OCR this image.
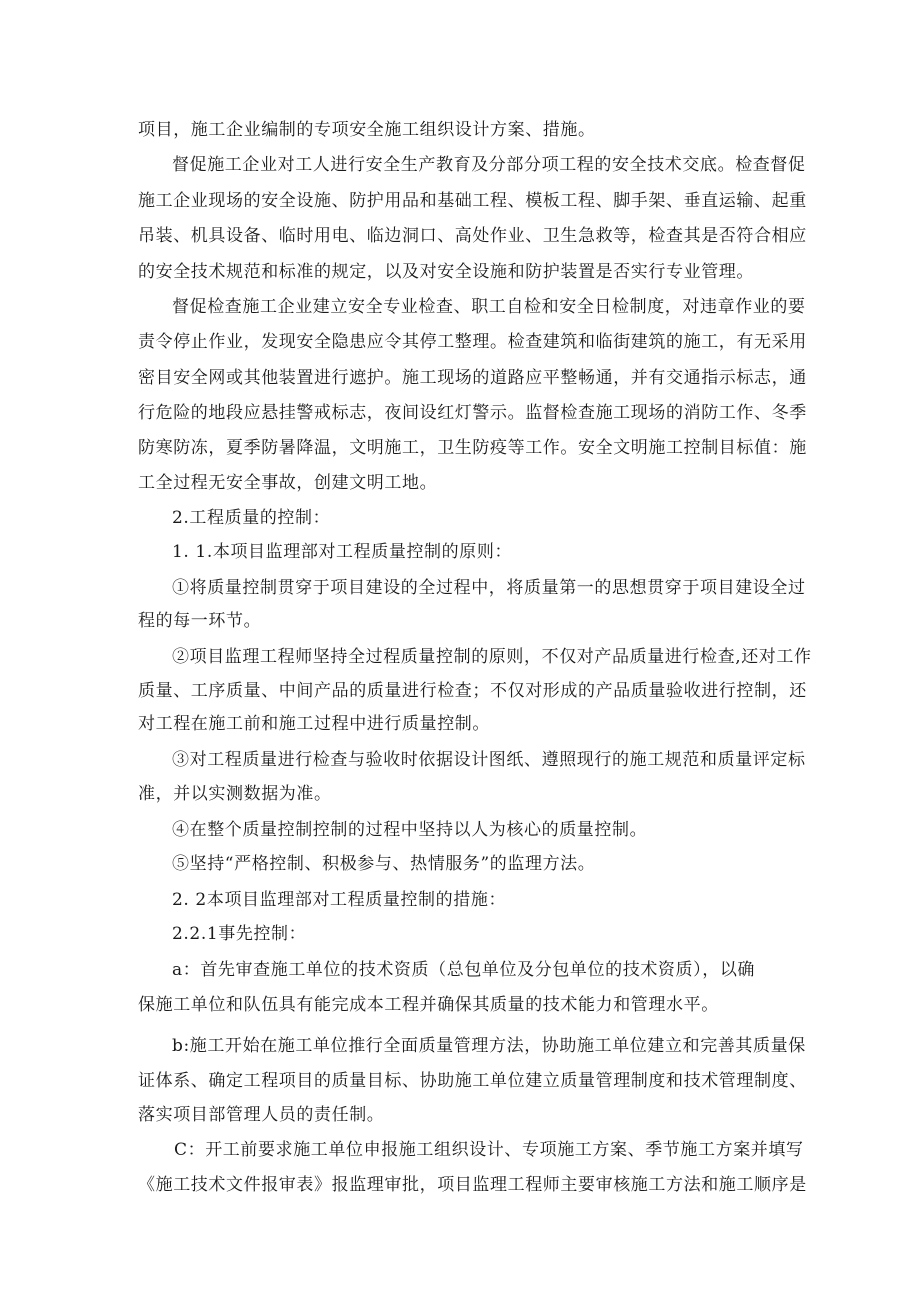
项目，施工企业编制的专项安全施工组织设计方案、措施。
督促施工企业对工人进行安全生产教育及分部分项工程的安全技术交底。检查督促
施工企业现场的安全设施、防护用品和基础工程、模板工程、脚手架、垂直运输、起重
吊装、机具设备、临时用电、临边洞口、高处作业、卫生急救等，检查其是否符合相应
的安全技术规范和标准的规定，以及对安全设施和防护装置是否实行专业管理。
督促检查施工企业建立安全专业检查、职工自检和安全日检制度，对违章作业的要
责令停止作业，发现安全隐患应令其停工整理。检查建筑和临街建筑的施工，有无采用
密目安全网或其他装置进行遮护。施工现场的道路应平整畅通，并有交通指示标志，通
行危险的地段应悬挂警戒标志，夜间设红灯警示。监督检查施工现场的消防工作、冬季
防寒防冻，夏季防暑降温，文明施工，卫生防疫等工作。安全文明施工控制目标值：施
工全过程无安全事故，创建文明工地。
2.工程质量的控制：
1. 1.本项目监理部对工程质量控制的原则：
①将质量控制贯穿于项目建设的全过程中，将质量第一的思想贯穿于项目建设全过
程的每一环节。
②项目监理工程师坚持全过程质量控制的原则，不仅对产品质量进行检查,还对工作
质量、工序质量、中间产品的质量进行检查；不仅对形成的产品质量验收进行控制，还
对工程在施工前和施工过程中进行质量控制。
③对工程质量进行检查与验收时依据设计图纸、遵照现行的施工规范和质量评定标
准，并以实测数据为准。
④在整个质量控制控制的过程中坚持以人为核心的质量控制。
⑤坚持“严格控制、积极参与、热情服务”的监理方法。
2. 2本项目监理部对工程质量控制的措施：
2.2.1事先控制：
a：首先审查施工单位的技术资质（总包单位及分包单位的技术资质），以确
保施工单位和队伍具有能完成本工程并确保其质量的技术能力和管理水平。
b:施工开始在施工单位推行全面质量管理方法，协助施工单位建立和完善其质量保
证体系、确定工程项目的质量目标、协助施工单位建立质量管理制度和技术管理制度、
落实项目部管理人员的责任制。
C：开工前要求施工单位申报施工组织设计、专项施工方案、季节施工方案并填写
《施工技术文件报审表》报监理审批，项目监理工程师主要审核施工方法和施工顺序是
